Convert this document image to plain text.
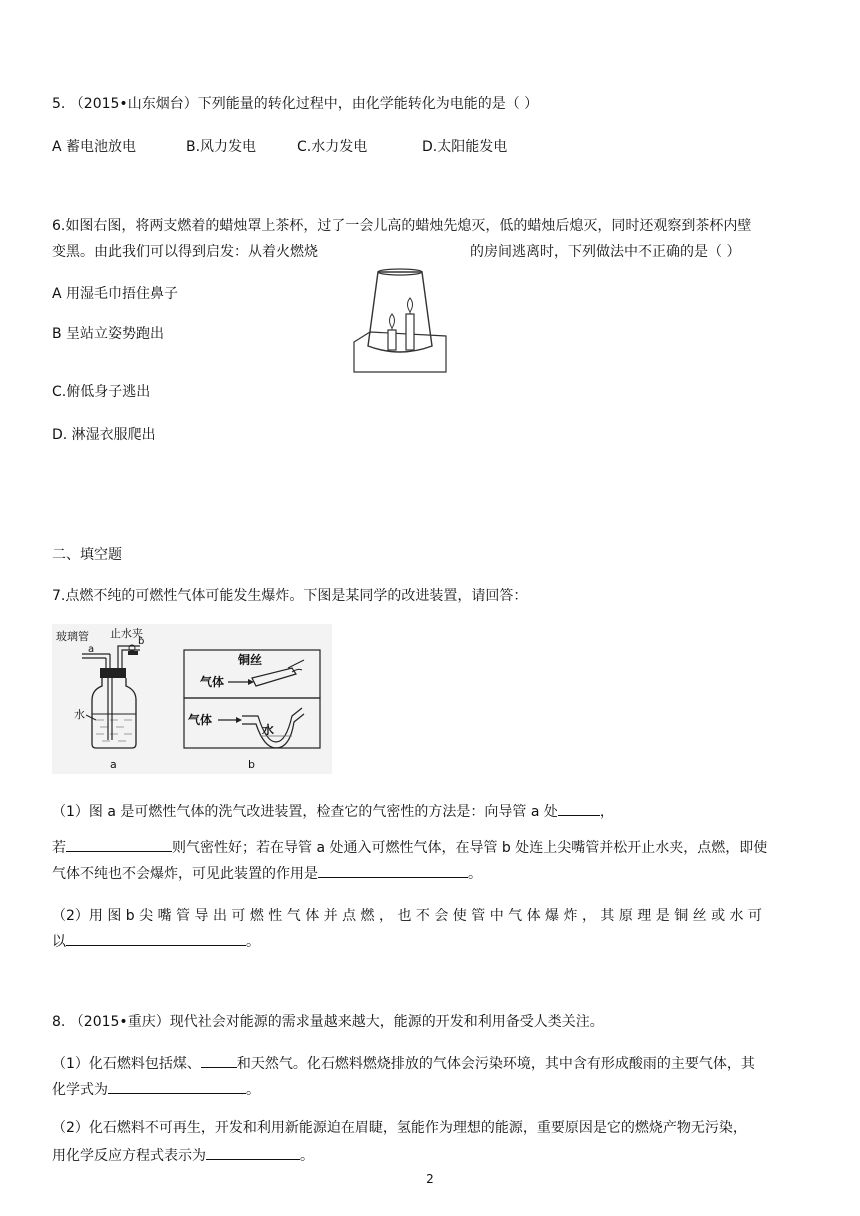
5. （2015•山东烟台）下列能量的转化过程中，由化学能转化为电能的是（ ）
A 蓄电池放电	B.风力发电	C.水力发电	D.太阳能发电
6.如图右图，将两支燃着的蜡烛罩上茶杯，过了一会儿高的蜡烛先熄灭，低的蜡烛后熄灭，同时还观察到茶杯内壁
变黑。由此我们可以得到启发：从着火燃烧	的房间逃离时，下列做法中不正确的是（ ）
A 用湿毛巾捂住鼻子
B 呈站立姿势跑出
C.俯低身子逃出
D. 淋湿衣服爬出
二、填空题
7.点燃不纯的可燃性气体可能发生爆炸。下图是某同学的改进装置，请回答：
玻璃管 止水夹
a
b
水
a
铜丝
气体
气体
水
b
（1）图 a 是可燃性气体的洗气改进装置，检查它的气密性的方法是：向导管 a 处	，
若	则气密性好；若在导管 a 处通入可燃性气体，在导管 b 处连上尖嘴管并松开止水夹，点燃，即使
气体不纯也不会爆炸，可见此装置的作用是	。
（2）用 图 b 尖 嘴 管 导 出 可 燃 性 气 体 并 点 燃 ， 也 不 会 使 管 中 气 体 爆 炸 ， 其 原 理 是 铜 丝 或 水 可
以	。
8. （2015•重庆）现代社会对能源的需求量越来越大，能源的开发和利用备受人类关注。
（1）化石燃料包括煤、	和天然气。化石燃料燃烧排放的气体会污染环境，其中含有形成酸雨的主要气体，其
化学式为	。
（2）化石燃料不可再生，开发和利用新能源迫在眉睫，氢能作为理想的能源，重要原因是它的燃烧产物无污染，
用化学反应方程式表示为	。
2
